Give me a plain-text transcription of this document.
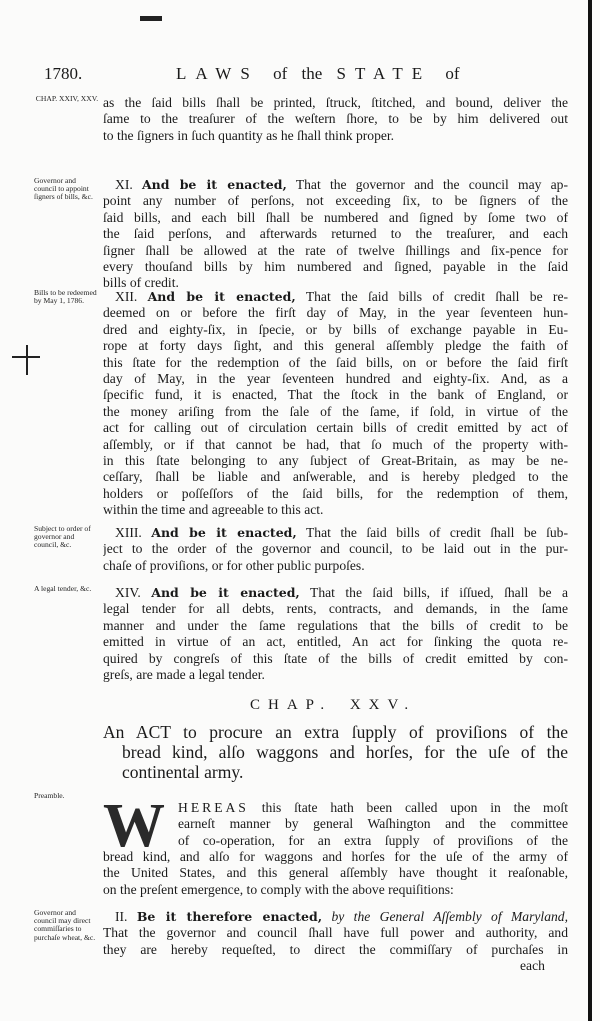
1780.	LAWS of the STATE of
CHAP. XXIV, XXV. as the ſaid bills ſhall be printed, ſtruck, ſtitched, and bound, deliver the
ſame to the treaſurer of the weſtern ſhore, to be by him delivered out
to the ſigners in ſuch quantity as he ſhall think proper.
Governor and council to appoint ſigners of bills, &c.
XI. And be it enacted, That the governor and the council may ap-
point any number of perſons, not exceeding ſix, to be ſigners of the
ſaid bills, and each bill ſhall be numbered and ſigned by ſome two of
the ſaid perſons, and afterwards returned to the treaſurer, and each
ſigner ſhall be allowed at the rate of twelve ſhillings and ſix-pence for
every thouſand bills by him numbered and ſigned, payable in the ſaid
bills of credit.
Bills to be redeemed by May 1, 1786.	XII. And be it enacted, That the ſaid bills of credit ſhall be re-
deemed on or before the firſt day of May, in the year ſeventeen hun-
dred and eighty-ſix, in ſpecie, or by bills of exchange payable in Eu-
rope at forty days ſight, and this general aſſembly pledge the faith of
this ſtate for the redemption of the ſaid bills, on or before the ſaid firſt
day of May, in the year ſeventeen hundred and eighty-ſix. And, as a
ſpecific fund, it is enacted, That the ſtock in the bank of England, or
the money ariſing from the ſale of the ſame, if ſold, in virtue of the
act for calling out of circulation certain bills of credit emitted by act of
aſſembly, or if that cannot be had, that ſo much of the property with-
in this ſtate belonging to any ſubject of Great-Britain, as may be ne-
ceſſary, ſhall be liable and anſwerable, and is hereby pledged to the
holders or poſſeſſors of the ſaid bills, for the redemption of them,
within the time and agreeable to this act.
Subject to order of governor and council, &c.
XIII. And be it enacted, That the ſaid bills of credit ſhall be ſub-
ject to the order of the governor and council, to be laid out in the pur-
chaſe of proviſions, or for other public purpoſes.
A legal tender, &c.	XIV. And be it enacted, That the ſaid bills, if iſſued, ſhall be a
legal tender for all debts, rents, contracts, and demands, in the ſame
manner and under the ſame regulations that the bills of credit to be
emitted in virtue of an act, entitled, An act for ſinking the quota re-
quired by congreſs of this ſtate of the bills of credit emitted by con-
greſs, are made a legal tender.
CHAP. XXV.
An ACT to procure an extra ſupply of proviſions of the
bread kind, alſo waggons and horſes, for the uſe of the
continental army.
Preamble. W HEREAS this ſtate hath been called upon in the moſt
earneſt manner by general Waſhington and the committee
of co-operation, for an extra ſupply of proviſions of the
bread kind, and alſo for waggons and horſes for the uſe of the army of
the United States, and this general aſſembly have thought it reaſonable,
on the preſent emergence, to comply with the above requiſitions:
Governor and council may direct commiſſaries to purchaſe wheat, &c.
II. Be it therefore enacted, by the General Aſſembly of Maryland,
That the governor and council ſhall have full power and authority, and
they are hereby requeſted, to direct the commiſſary of purchaſes in
each
